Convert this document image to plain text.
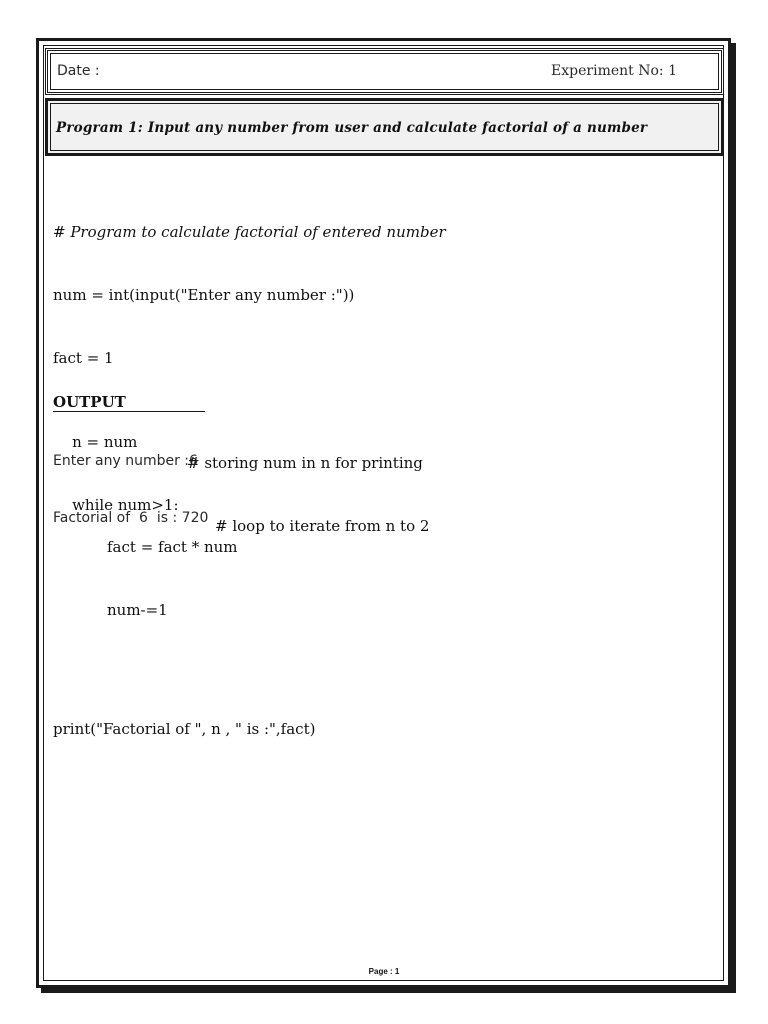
Date :	Experiment No: 1
Program 1: Input any number from user and calculate factorial of a number

# Program to calculate factorial of entered number

num = int(input("Enter any number :"))

fact = 1

n = num

# storing num in n for printing

while num>1:

# loop to iterate from n to 2

fact = fact * num

num-=1

print("Factorial of ", n , " is :",fact)

OUTPUT

Enter any number :6

Factorial of  6  is : 720

Page : 1
